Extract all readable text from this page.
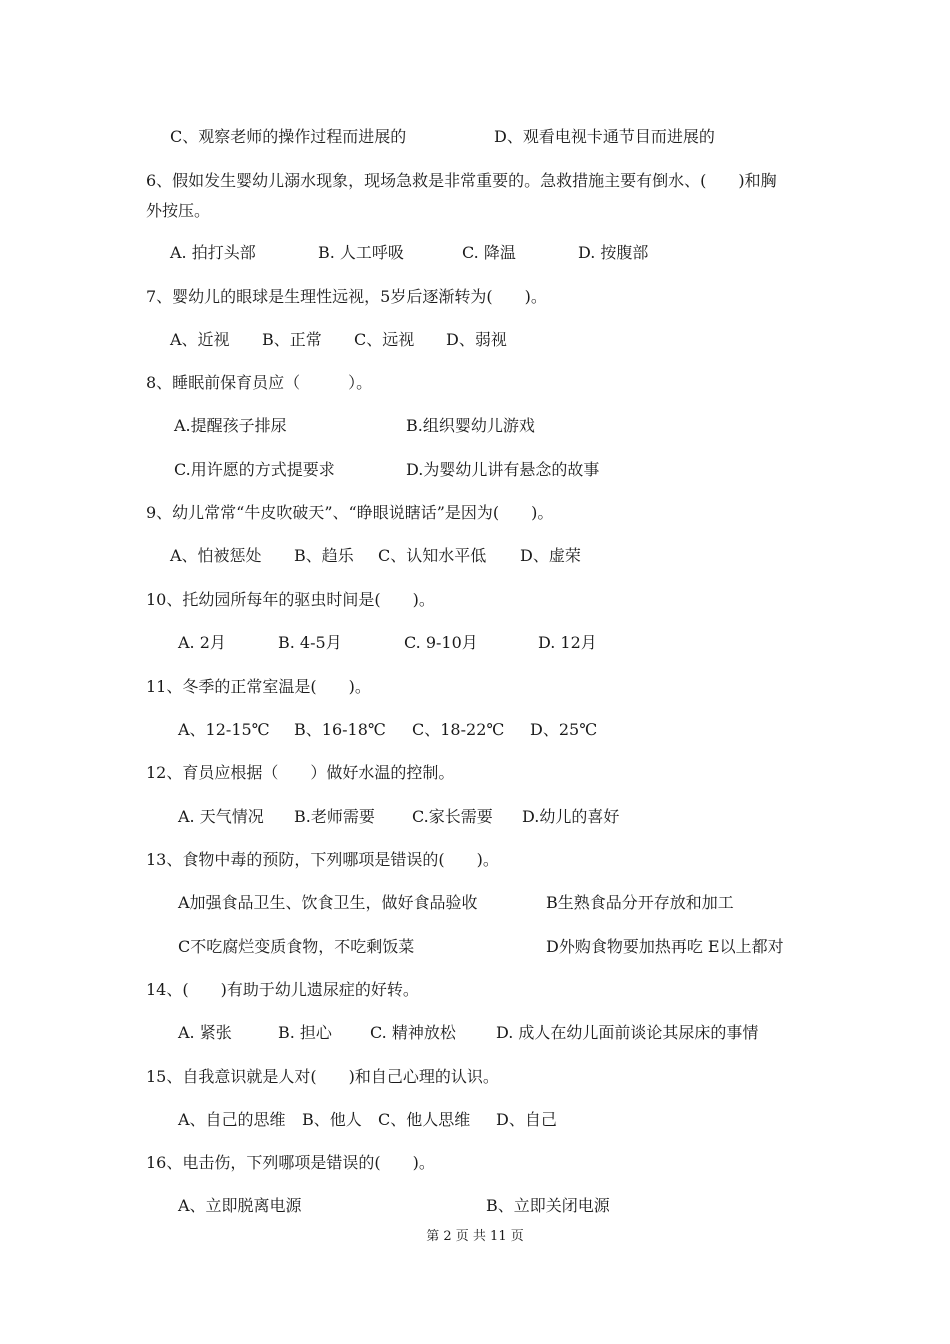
C、观察老师的操作过程而进展的	D、观看电视卡通节目而进展的
6、假如发生婴幼儿溺水现象，现场急救是非常重要的。急救措施主要有倒水、(　　)和胸
外按压。
A. 拍打头部	B. 人工呼吸	C. 降温	D. 按腹部
7、婴幼儿的眼球是生理性远视，5岁后逐渐转为(　　)。
A、近视 B、正常 C、远视 D、弱视
8、睡眠前保育员应（　　　）。
A.提醒孩子排尿	B.组织婴幼儿游戏
C.用许愿的方式提要求	D.为婴幼儿讲有悬念的故事
9、幼儿常常“牛皮吹破天”、“睁眼说瞎话”是因为(　　)。
A、怕被惩处 B、趋乐 C、认知水平低 D、虚荣
10、托幼园所每年的驱虫时间是(　　)。
A. 2月	B. 4-5月	C. 9-10月	D. 12月
11、冬季的正常室温是(　　)。
A、12-15℃ B、16-18℃ C、18-22℃ D、25℃
12、育员应根据（　　）做好水温的控制。
A. 天气情况 B.老师需要 C.家长需要 D.幼儿的喜好
13、食物中毒的预防，下列哪项是错误的(　　)。
A加强食品卫生、饮食卫生，做好食品验收	B生熟食品分开存放和加工
C不吃腐烂变质食物，不吃剩饭菜	D外购食物要加热再吃 E以上都对
14、(　　)有助于幼儿遗尿症的好转。
A. 紧张	B. 担心 C. 精神放松	D. 成人在幼儿面前谈论其尿床的事情
15、自我意识就是人对(　　)和自己心理的认识。
A、自己的思维 B、他人 C、他人思维 D、自己
16、电击伤，下列哪项是错误的(　　)。
A、立即脱离电源	B、立即关闭电源
第 2 页 共 11 页
